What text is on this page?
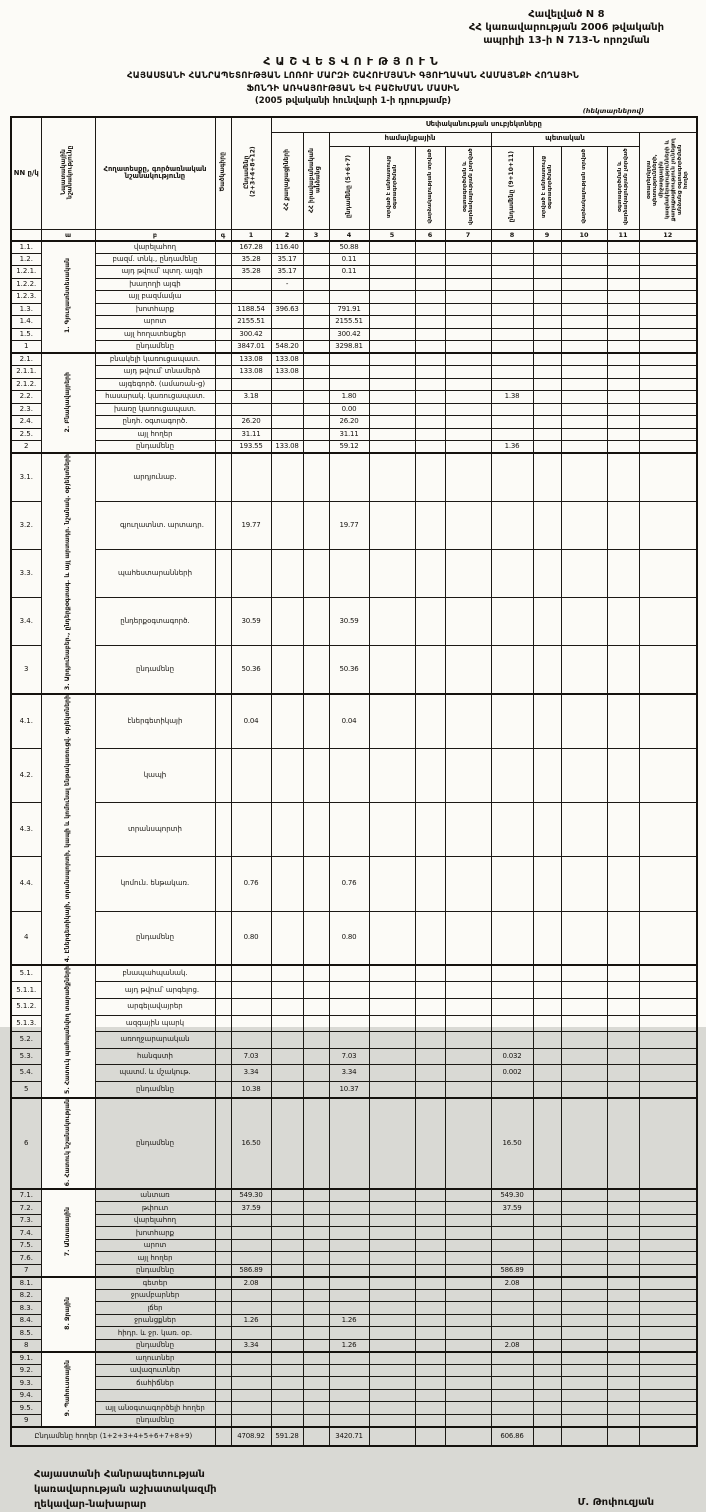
Հավելված N 8
ՀՀ կառավարության 2006 թվականի
ապրիլի 13-ի N 713-Ն որոշման
ՀԱՇՎԵՏՎՈՒԹՅՈՒՆ
ՀԱՅԱՍՏԱՆԻ ՀԱՆՐԱՊԵՏՈՒԹՅԱՆ ԼՈՌՈՒ ՄԱՐԶԻ ՇԱՀՈՒՄՅԱՆԻ ԳՅՈՒՂԱԿԱՆ ՀԱՄԱՅՆՔԻ ՀՈՂԱՅԻՆ
ՖՈՆԴԻ ԱՌԿԱՅՈՒԹՅԱՆ ԵՎ ԲԱՇԽՄԱՆ ՄԱՍԻՆ
(2005 թվականի հունվարի 1-ի դրությամբ)
(հեկտարներով)
NN ը/կ	Նպատակային նշանակությունը	Հողատեսքը, գործառնական նշանակությունը	Ծածկագիրը	Ընդամենը (2+3+4+8+12)	Սեփականության սուբյեկտները										
					ՀՀ քաղաքացիների	ՀՀ իրավաբանական անձանց	համայնքային				պետական				օտարերկրյա պետությունների, միջազգային կազմակերպությունների և քաղաքացիություն չունեցող անձանց օգտագործման հողեր
							ընդամենը (5+6+7)	տրված է անհատույց օգտագործման	վարձակալության տրված	օգտագործման և վարձակալության չտրված	ընդամենը (9+10+11)	տրված է անհատույց օգտագործման	վարձակալության տրված	օգտագործման և վարձակալության չտրված	
	ա	բ	գ	1	2	3	4	5	6	7	8	9	10	11	12
1.1.	1. Գյուղատնտեսական	վարելահող		167.28	116.40		50.88								
1.2.		բազմ. տնկ., ընդամենը		35.28	35.17		0.11								
1.2.1.		այդ թվում՝ պտղ. այգի		35.28	35.17		0.11								
1.2.2.		խաղողի այգի			-										
1.2.3.		այլ բազմամյա													
1.3.		խոտհարք		1188.54	396.63		791.91								
1.4.		արոտ		2155.51			2155.51								
1.5.		այլ հողատեսքեր		300.42			300.42								
1		ընդամենը		3847.01	548.20		3298.81								
2.1.	2. Բնակավայրերի	բնակելի կառուցապատ.		133.08	133.08										
2.1.1.		այդ թվում՝ տնամերձ		133.08	133.08										
2.1.2.		այգեգործ. (ամառան-ց)													
2.2.		հասարակ. կառուցապատ.		3.18			1.80				1.38				
2.3.		խառը կառուցապատ.					0.00								
2.4.		ընդհ. օգտագործ.		26.20			26.20								
2.5.		այլ հողեր		31.11			31.11								
2		ընդամենը		193.55	133.08		59.12				1.36				
3.1.	3. Արդյունաբեր., ընդերքօգտագ. և այլ արտադր. նշանակ. օբյեկտների	արդյունաբ.													
3.2.		գյուղատնտ. արտադր.		19.77			19.77								
3.3.		պահեստարանների													
3.4.		ընդերքօգտագործ.		30.59			30.59								
3		ընդամենը		50.36			50.36								
4.1.	4. Էներգետիկայի, տրանսպորտի, կապի և կոմունալ ենթակառուցվ. օբյեկտների	էներգետիկայի		0.04			0.04								
4.2.		կապի													
4.3.		տրանսպորտի													
4.4.		կոմուն. ենթակառ.		0.76			0.76								
4		ընդամենը		0.80			0.80								
5.1.	5. Հատուկ պահպանվող տարածքների	բնապահպանակ.													
5.1.1.		այդ թվում՝ արգելոց.													
5.1.2.		արգելավայրեր													
5.1.3.		ազգային պարկ													
5.2.		առողջարարական													
5.3.		հանգստի		7.03			7.03				0.032				
5.4.		պատմ. և մշակութ.		3.34			3.34				0.002				
5		ընդամենը		10.38			10.37								
6	6. Հատուկ նշանակության	ընդամենը		16.50							16.50				
7.1.	7. Անտառային	անտառ		549.30							549.30				
7.2.		թփուտ		37.59							37.59				
7.3.		վարելահող													
7.4.		խոտհարք													
7.5.		արոտ													
7.6.		այլ հողեր													
7		ընդամենը		586.89							586.89				
8.1.	8. Ջրային	գետեր		2.08							2.08				
8.2.		ջրամբարներ													
8.3.		լճեր													
8.4.		ջրանցքներ		1.26			1.26								
8.5.		հիդր. և ջր. կառ. օբ.													
8		ընդամենը		3.34			1.26				2.08				
9.1.	9. Պահուստային	աղուտներ													
9.2.		ավազուտներ													
9.3.		ճահիճներ													
9.4.															
9.5.		այլ անօգտագործելի հողեր													
9		ընդամենը													
Ընդամենը հողեր (1+2+3+4+5+6+7+8+9)				4708.92	591.28		3420.71				606.86				
Հայաստանի Հանրապետության
կառավարության աշխատակազմի
ղեկավար-նախարար	Մ. Թոփուզյան
